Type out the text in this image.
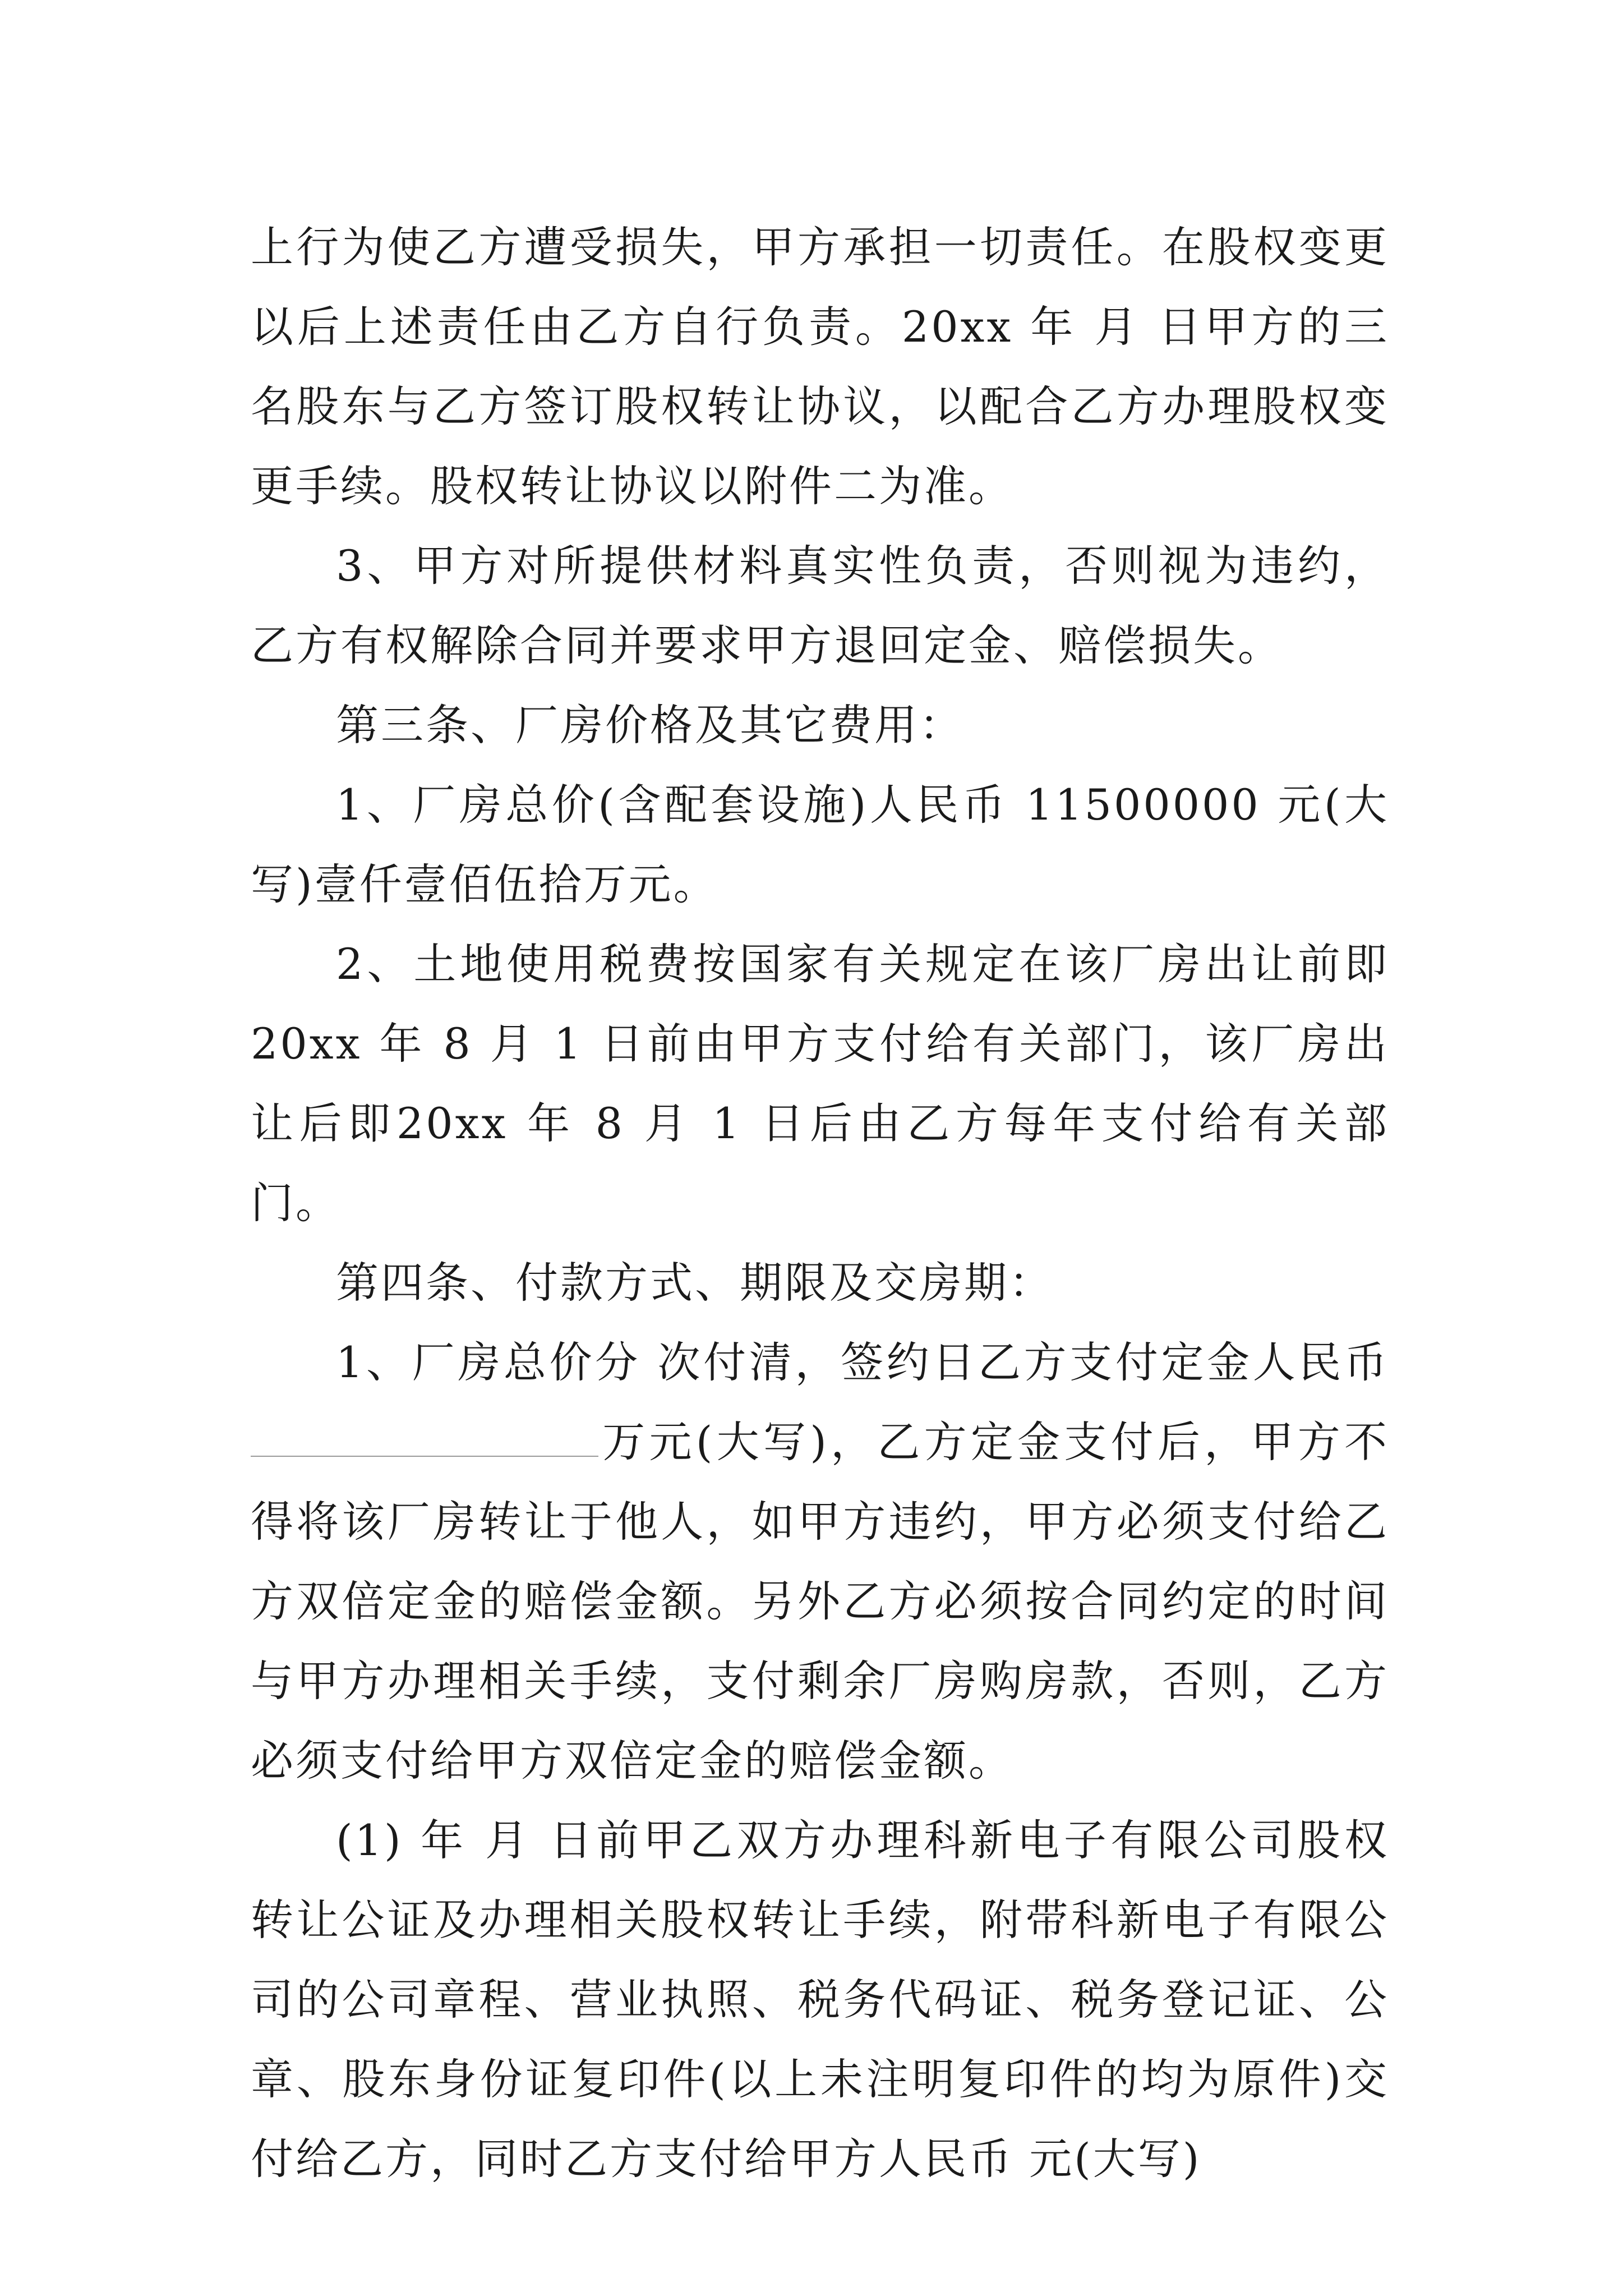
上行为使乙方遭受损失，甲方承担一切责任。在股权变更以后上述责任由乙方自行负责。20xx 年 月 日甲方的三名股东与乙方签订股权转让协议，以配合乙方办理股权变更手续。股权转让协议以附件二为准。

3、甲方对所提供材料真实性负责，否则视为违约，乙方有权解除合同并要求甲方退回定金、赔偿损失。

第三条、厂房价格及其它费用：

1、厂房总价(含配套设施)人民币 11500000 元(大写)壹仟壹佰伍拾万元。

2、土地使用税费按国家有关规定在该厂房出让前即20xx 年 8 月 1 日前由甲方支付给有关部门，该厂房出让后即20xx 年 8 月 1 日后由乙方每年支付给有关部门。

第四条、付款方式、期限及交房期：

1、厂房总价分 次付清，签约日乙方支付定金人民币万元(大写)，乙方定金支付后，甲方不得将该厂房转让于他人，如甲方违约，甲方必须支付给乙方双倍定金的赔偿金额。另外乙方必须按合同约定的时间与甲方办理相关手续，支付剩余厂房购房款，否则，乙方必须支付给甲方双倍定金的赔偿金额。

(1) 年 月 日前甲乙双方办理科新电子有限公司股权转让公证及办理相关股权转让手续，附带科新电子有限公司的公司章程、营业执照、税务代码证、税务登记证、公章、股东身份证复印件(以上未注明复印件的均为原件)交付给乙方，同时乙方支付给甲方人民币 元(大写)
